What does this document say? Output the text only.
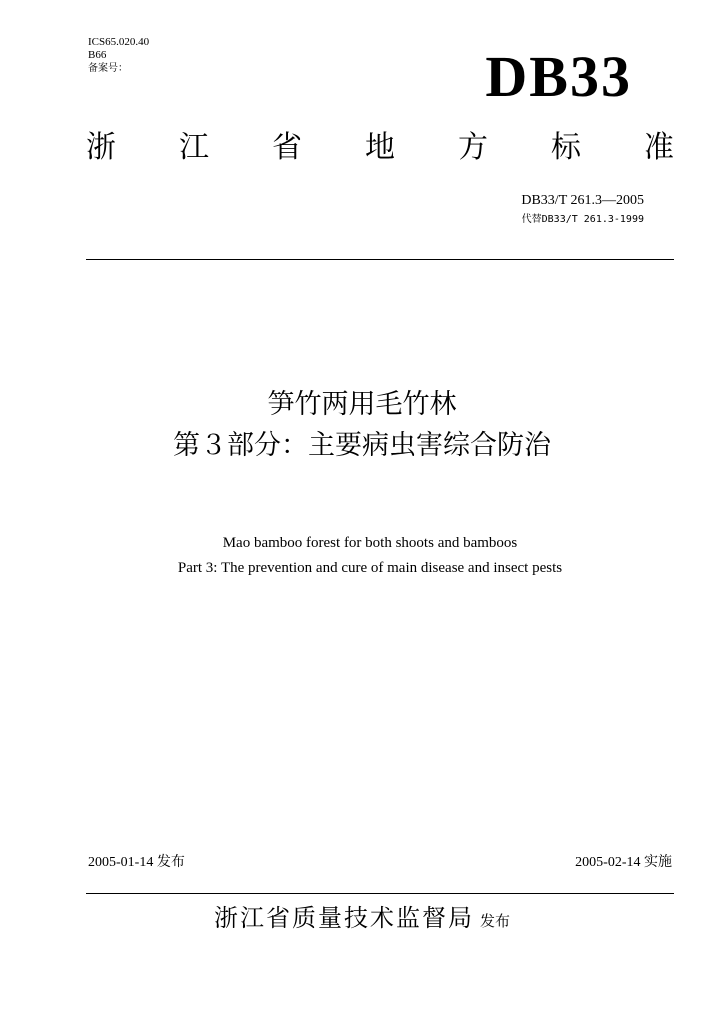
ICS65.020.40
B66
备案号：	DB33
浙 江 省 地 方 标 准
DB33/T 261.3—2005
代替DB33/T 261.3-1999
笋竹两用毛竹林
第３部分：主要病虫害综合防治
Mao bamboo forest for both shoots and bamboos
Part 3: The prevention and cure of main disease and insect pests
2005-01-14 发布	2005-02-14 实施
浙江省质量技术监督局 发布
